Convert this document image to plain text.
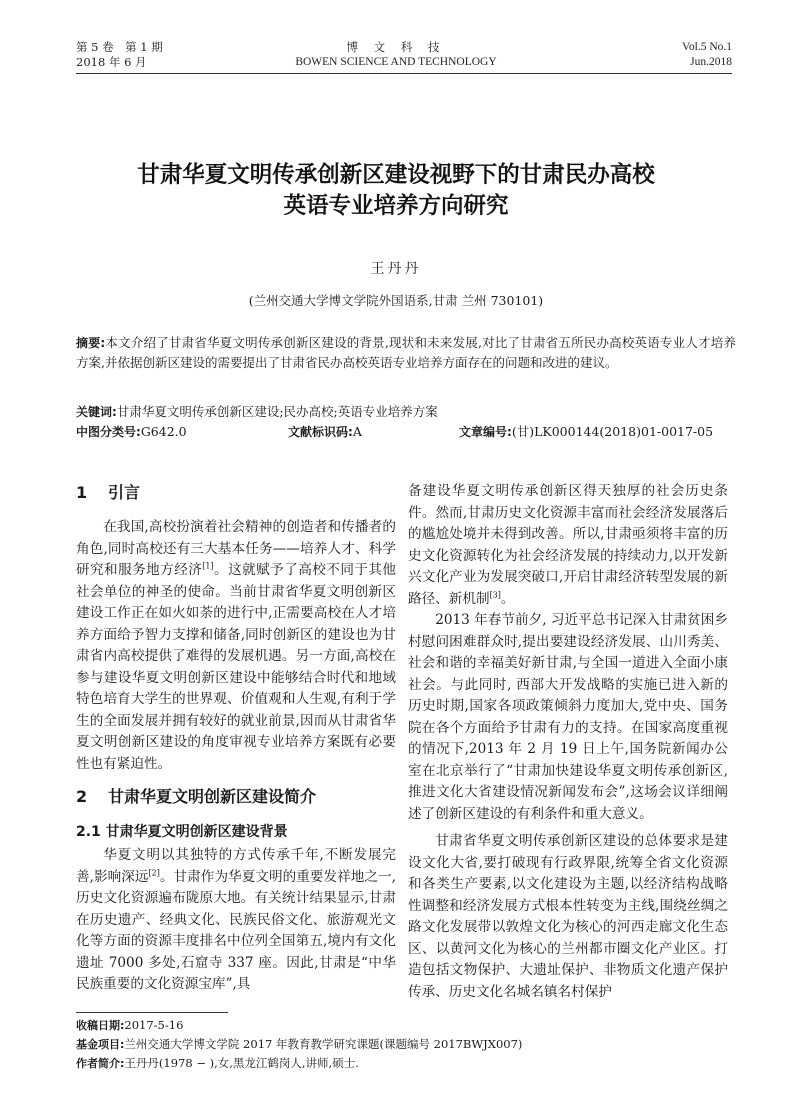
第 5 卷　第 1 期
2018 年 6 月
博 文 科 技
BOWEN SCIENCE AND TECHNOLOGY
Vol.5 No.1
Jun.2018
甘肃华夏文明传承创新区建设视野下的甘肃民办高校
英语专业培养方向研究
王丹丹
(兰州交通大学博文学院外国语系,甘肃 兰州 730101)
摘要:本文介绍了甘肃省华夏文明传承创新区建设的背景,现状和未来发展,对比了甘肃省五所民办高校英语专业人才培养方案,并依据创新区建设的需要提出了甘肃省民办高校英语专业培养方面存在的问题和改进的建议。
关键词:甘肃华夏文明传承创新区建设;民办高校;英语专业培养方案
中图分类号:G642.0	文献标识码:A	文章编号:(甘)LK000144(2018)01-0017-05
1 引言

在我国,高校扮演着社会精神的创造者和传播者的角色,同时高校还有三大基本任务——培养人才、科学研究和服务地方经济[1]。这就赋予了高校不同于其他社会单位的神圣的使命。当前甘肃省华夏文明创新区建设工作正在如火如荼的进行中,正需要高校在人才培养方面给予智力支撑和储备,同时创新区的建设也为甘肃省内高校提供了难得的发展机遇。另一方面,高校在参与建设华夏文明创新区建设中能够结合时代和地域特色培育大学生的世界观、价值观和人生观,有利于学生的全面发展并拥有较好的就业前景,因而从甘肃省华夏文明创新区建设的角度审视专业培养方案既有必要性也有紧迫性。

2 甘肃华夏文明创新区建设简介
2.1 甘肃华夏文明创新区建设背景

华夏文明以其独特的方式传承千年,不断发展完善,影响深远[2]。甘肃作为华夏文明的重要发祥地之一,历史文化资源遍布陇原大地。有关统计结果显示,甘肃在历史遗产、经典文化、民族民俗文化、旅游观光文化等方面的资源丰度排名中位列全国第五,境内有文化遗址 7000 多处,石窟寺 337 座。因此,甘肃是“中华民族重要的文化资源宝库”,具

备建设华夏文明传承创新区得天独厚的社会历史条件。然而,甘肃历史文化资源丰富而社会经济发展落后的尴尬处境并未得到改善。所以,甘肃亟须将丰富的历史文化资源转化为社会经济发展的持续动力,以开发新兴文化产业为发展突破口,开启甘肃经济转型发展的新路径、新机制[3]。

2013 年春节前夕, 习近平总书记深入甘肃贫困乡村慰问困难群众时,提出要建设经济发展、山川秀美、社会和谐的幸福美好新甘肃,与全国一道进入全面小康社会。与此同时, 西部大开发战略的实施已进入新的历史时期,国家各项政策倾斜力度加大,党中央、国务院在各个方面给予甘肃有力的支持。在国家高度重视的情况下,2013 年 2 月 19 日上午,国务院新闻办公室在北京举行了“甘肃加快建设华夏文明传承创新区, 推进文化大省建设情况新闻发布会”,这场会议详细阐述了创新区建设的有利条件和重大意义。

甘肃省华夏文明传承创新区建设的总体要求是建设文化大省,要打破现有行政界限,统筹全省文化资源和各类生产要素,以文化建设为主题,以经济结构战略性调整和经济发展方式根本性转变为主线,围绕丝绸之路文化发展带以敦煌文化为核心的河西走廊文化生态区、以黄河文化为核心的兰州都市圈文化产业区。打造包括文物保护、大遗址保护、非物质文化遗产保护传承、历史文化名城名镇名村保护

收稿日期:2017-5-16
基金项目:兰州交通大学博文学院 2017 年教育教学研究课题(课题编号 2017BWJX007)
作者简介:王丹丹(1978 − ),女,黑龙江鹤岗人,讲师,硕士.
